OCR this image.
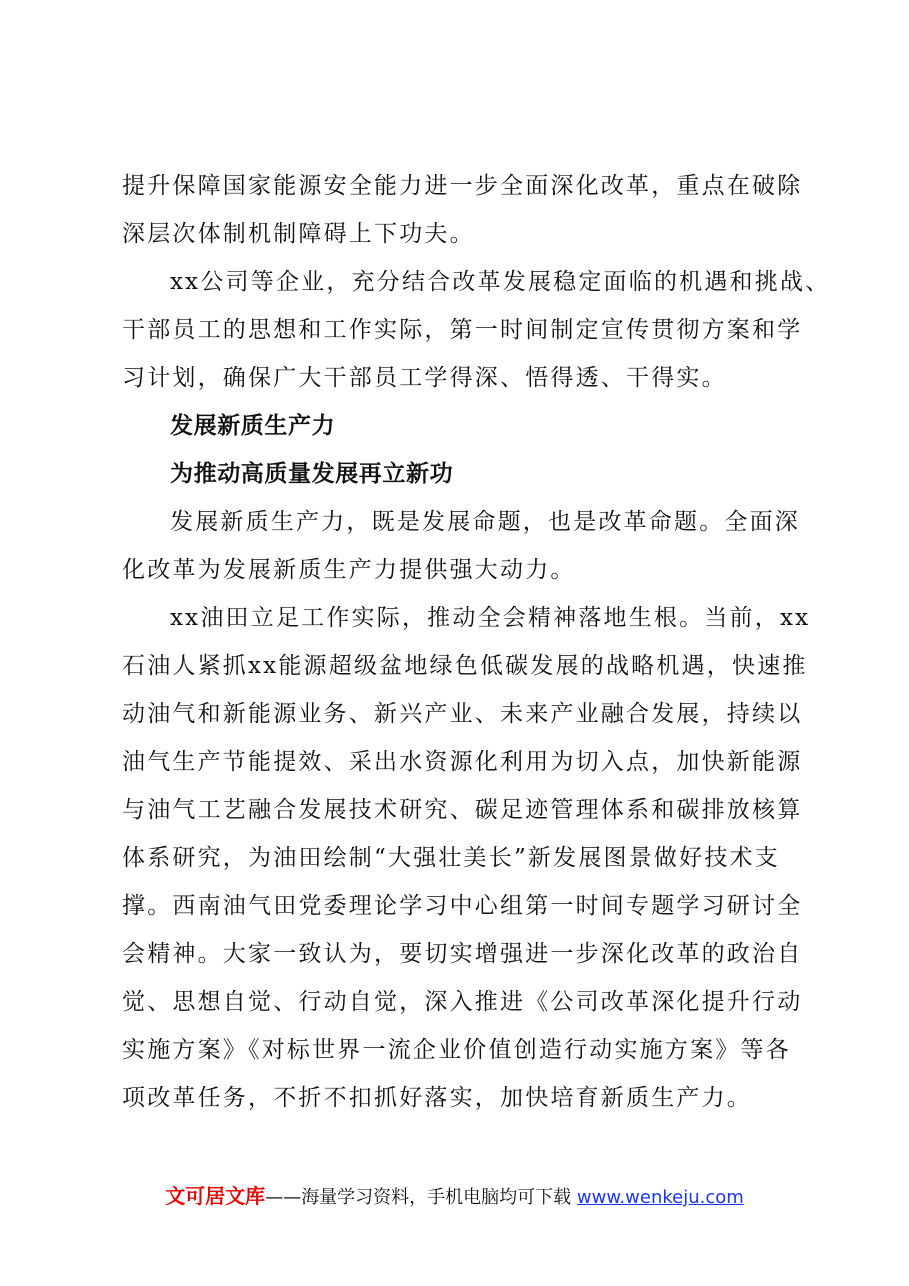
提升保障国家能源安全能力进一步全面深化改革，重点在破除
深层次体制机制障碍上下功夫。
xx公司等企业，充分结合改革发展稳定面临的机遇和挑战、
干部员工的思想和工作实际，第一时间制定宣传贯彻方案和学
习计划，确保广大干部员工学得深、悟得透、干得实。
发展新质生产力
为推动高质量发展再立新功
发展新质生产力，既是发展命题，也是改革命题。全面深
化改革为发展新质生产力提供强大动力。
xx油田立足工作实际，推动全会精神落地生根。当前，xx
石油人紧抓xx能源超级盆地绿色低碳发展的战略机遇，快速推
动油气和新能源业务、新兴产业、未来产业融合发展，持续以
油气生产节能提效、采出水资源化利用为切入点，加快新能源
与油气工艺融合发展技术研究、碳足迹管理体系和碳排放核算
体系研究，为油田绘制“大强壮美长”新发展图景做好技术支
撑。西南油气田党委理论学习中心组第一时间专题学习研讨全
会精神。大家一致认为，要切实增强进一步深化改革的政治自
觉、思想自觉、行动自觉，深入推进《公司改革深化提升行动
实施方案》《对标世界一流企业价值创造行动实施方案》等各
项改革任务，不折不扣抓好落实，加快培育新质生产力。
文可居文库——海量学习资料，手机电脑均可下载 www.wenkeju.com
